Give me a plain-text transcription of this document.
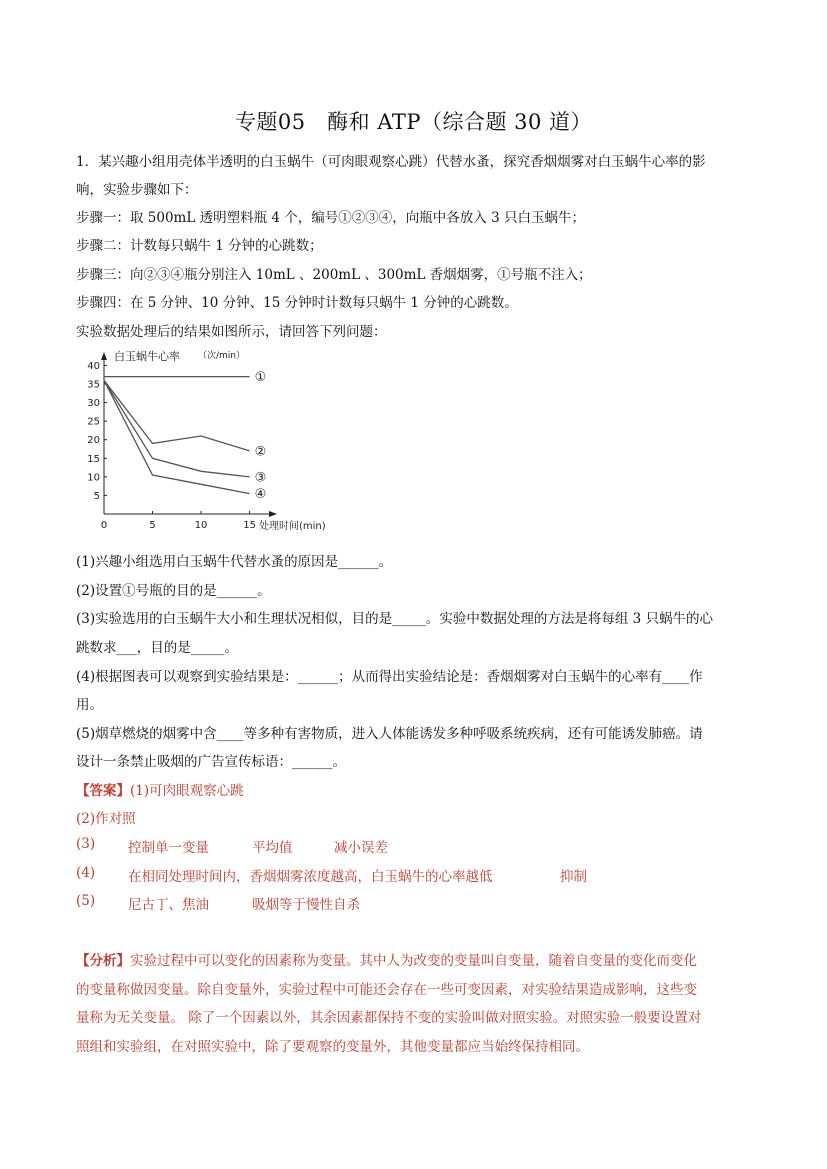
专题05　酶和 ATP（综合题 30 道）
1．某兴趣小组用壳体半透明的白玉蜗牛（可肉眼观察心跳）代替水蚤，探究香烟烟雾对白玉蜗牛心率的影
响，实验步骤如下：
步骤一：取 500mL 透明塑料瓶 4 个，编号①②③④，向瓶中各放入 3 只白玉蜗牛；
步骤二：计数每只蜗牛 1 分钟的心跳数；
步骤三：向②③④瓶分别注入 10mL 、200mL 、300mL 香烟烟雾，①号瓶不注入；
步骤四：在 5 分钟、10 分钟、15 分钟时计数每只蜗牛 1 分钟的心跳数。
实验数据处理后的结果如图所示，请回答下列问题：
5
10
15
20
25
30
35
40
0	5	10	15
白玉蜗牛心率 （次/min）
处理时间(min)
①
②
③
④
(1)兴趣小组选用白玉蜗牛代替水蚤的原因是______。
(2)设置①号瓶的目的是______。
(3)实验选用的白玉蜗牛大小和生理状况相似，目的是_____。实验中数据处理的方法是将每组 3 只蜗牛的心
跳数求___，目的是_____。
(4)根据图表可以观察到实验结果是：______；从而得出实验结论是：香烟烟雾对白玉蜗牛的心率有____作
用。
(5)烟草燃烧的烟雾中含____等多种有害物质，进入人体能诱发多种呼吸系统疾病，还有可能诱发肺癌。请
设计一条禁止吸烟的广告宣传标语：______。
【答案】(1)可肉眼观察心跳
(2)作对照
(3) 控制单一变量	平均值	减小误差
(4) 在相同处理时间内，香烟烟雾浓度越高，白玉蜗牛的心率越低	抑制
(5) 尼古丁、焦油	吸烟等于慢性自杀
【分析】实验过程中可以变化的因素称为变量。其中人为改变的变量叫自变量，随着自变量的变化而变化
的变量称做因变量。除自变量外，实验过程中可能还会存在一些可变因素，对实验结果造成影响，这些变
量称为无关变量。 除了一个因素以外，其余因素都保持不变的实验叫做对照实验。对照实验一般要设置对
照组和实验组，在对照实验中，除了要观察的变量外，其他变量都应当始终保持相同。
